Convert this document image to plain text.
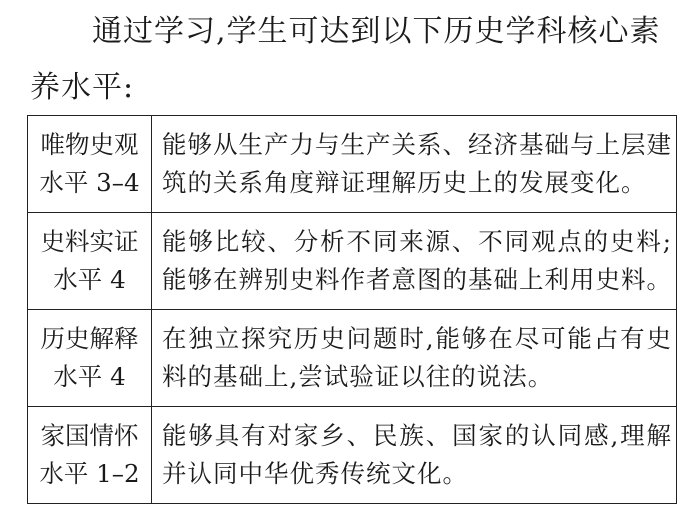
通过学习,学生可达到以下历史学科核心素养水平:

唯物史观
水平 3–4	能够从生产力与生产关系、经济基础与上层建筑的关系角度辩证理解历史上的发展变化。

史料实证
水平 4	能够比较、分析不同来源、不同观点的史料;能够在辨别史料作者意图的基础上利用史料。

历史解释
水平 4	在独立探究历史问题时,能够在尽可能占有史料的基础上,尝试验证以往的说法。

家国情怀
水平 1–2	能够具有对家乡、民族、国家的认同感,理解并认同中华优秀传统文化。
